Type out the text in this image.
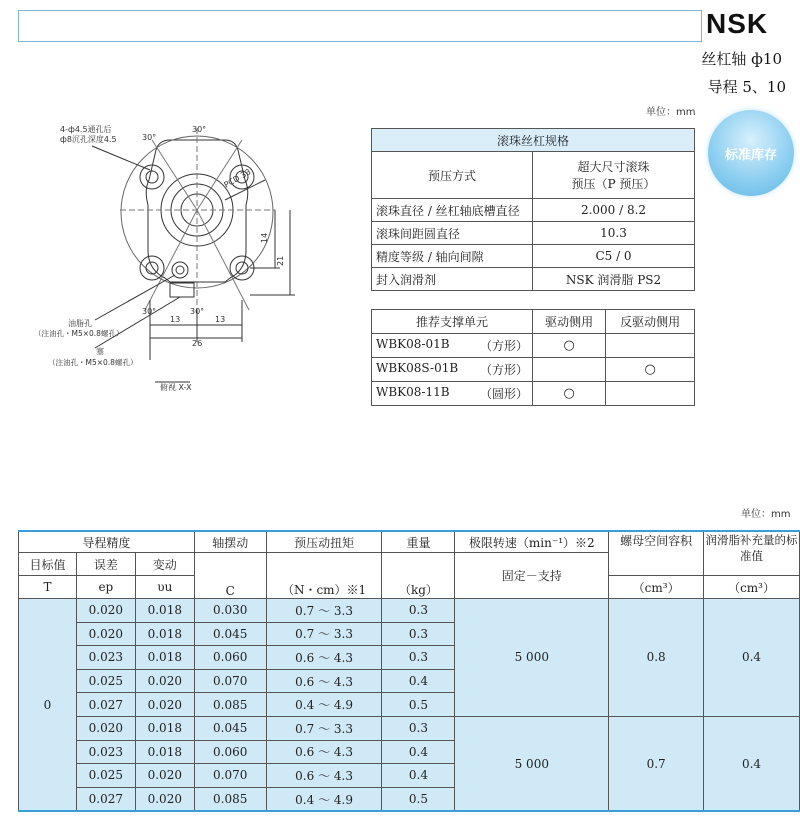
NSK
丝杠轴 ф10
导程 5、10
单位：mm
标准库存
4-ф4.5通孔后
ф8沉孔深度4.5	30°
30°
30°	30°
PCD 33
14
21
13	13
26
油脂孔
（注油孔・M5×0.8螺孔）
塞
（注油孔・M5×0.8螺孔）
俯视 X-X
滚珠丝杠规格	
预压方式	超大尺寸滚珠
预压（P 预压）

滚珠直径 / 丝杠轴底槽直径	2.000 / 8.2
滚珠间距圆直径	10.3
精度等级 / 轴向间隙	C5 / 0
封入润滑剂	NSK 润滑脂 PS2
推荐支撑单元	驱动侧用	反驱动侧用
WBK08-01B （方形）	○	
WBK08S-01B （方形）		○
WBK08-11B （圆形）	○	
单位：mm
导程精度			轴摆动	预压动扭矩	重量	极限转速（min⁻¹）※2	螺母空间容积	润滑脂补充量的标准值
目标值	误差	变动	C	（N・cm）※1	（kg）	固定－支持		
T	ep	υu					（cm³）	（cm³）
0	0.020	0.018	0.030	0.7 ～ 3.3	0.3	5 000	0.8	0.4
	0.020	0.018	0.045	0.7 ～ 3.3	0.3			
	0.023	0.018	0.060	0.6 ～ 4.3	0.3			
	0.025	0.020	0.070	0.6 ～ 4.3	0.4			
	0.027	0.020	0.085	0.4 ～ 4.9	0.5			
	0.020	0.018	0.045	0.7 ～ 3.3	0.3	5 000	0.7	0.4
	0.023	0.018	0.060	0.6 ～ 4.3	0.4			
	0.025	0.020	0.070	0.6 ～ 4.3	0.4			
	0.027	0.020	0.085	0.4 ～ 4.9	0.5			
